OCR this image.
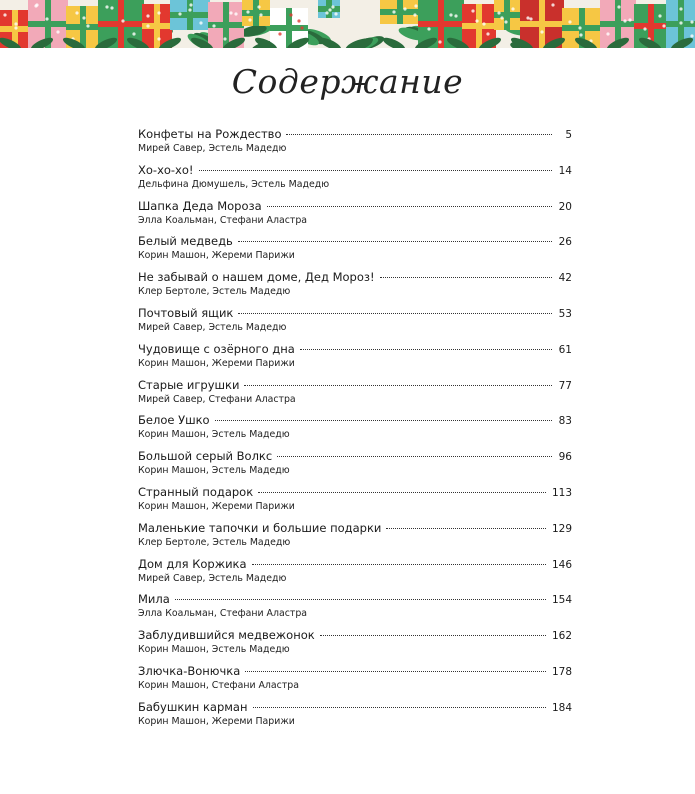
Содержание
Конфеты на Рождество	5
Мирей Савер, Эстель Мадедю
Хо-хо-хо!	14
Дельфина Дюмушель, Эстель Мадедю
Шапка Деда Мороза	20
Элла Коальман, Стефани Аластра
Белый медведь	26
Корин Машон, Жереми Парижи
Не забывай о нашем доме, Дед Мороз!	42
Клер Бертоле, Эстель Мадедю
Почтовый ящик	53
Мирей Савер, Эстель Мадедю
Чудовище с озёрного дна	61
Корин Машон, Жереми Парижи
Старые игрушки	77
Мирей Савер, Стефани Аластра
Белое Ушко	83
Корин Машон, Эстель Мадедю
Большой серый Волкс	96
Корин Машон, Эстель Мадедю
Странный подарок	113
Корин Машон, Жереми Парижи
Маленькие тапочки и большие подарки	129
Клер Бертоле, Эстель Мадедю
Дом для Коржика	146
Мирей Савер, Эстель Мадедю
Мила	154
Элла Коальман, Стефани Аластра
Заблудившийся медвежонок	162
Корин Машон, Эстель Мадедю
Злючка-Вонючка	178
Корин Машон, Стефани Аластра
Бабушкин карман	184
Корин Машон, Жереми Парижи
